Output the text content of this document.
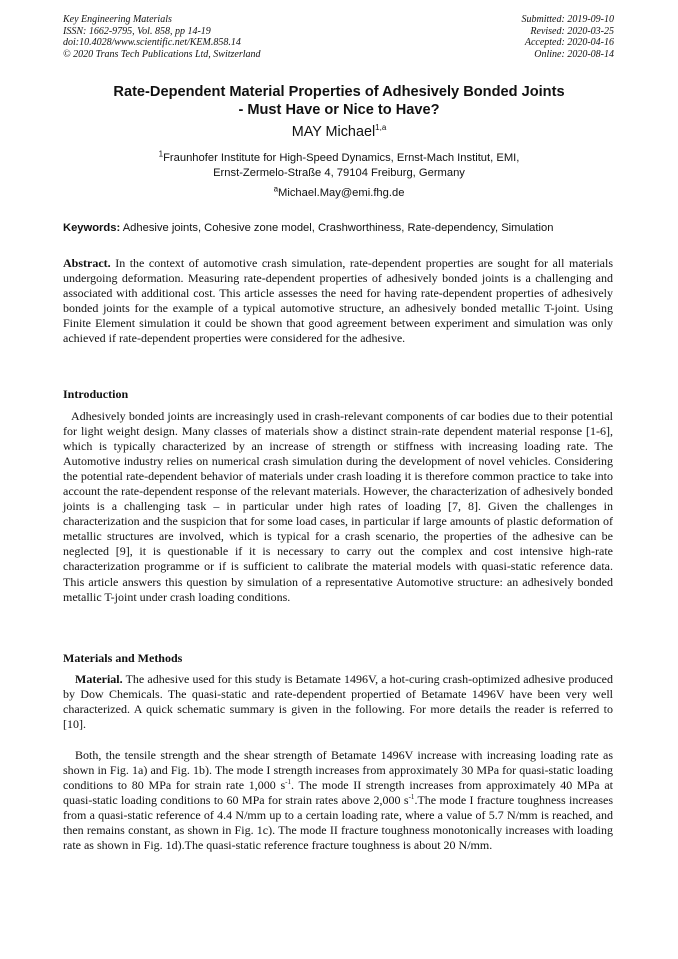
Key Engineering Materials
ISSN: 1662-9795, Vol. 858, pp 14-19
doi:10.4028/www.scientific.net/KEM.858.14
© 2020 Trans Tech Publications Ltd, Switzerland
Submitted: 2019-09-10
Revised: 2020-03-25
Accepted: 2020-04-16
Online: 2020-08-14
Rate-Dependent Material Properties of Adhesively Bonded Joints
- Must Have or Nice to Have?
MAY Michael$^{1,a}$
$^1$Fraunhofer Institute for High-Speed Dynamics, Ernst-Mach Institut, EMI,
Ernst-Zermelo-Straße 4, 79104 Freiburg, Germany
$^a$Michael.May@emi.fhg.de
Keywords: Adhesive joints, Cohesive zone model, Crashworthiness, Rate-dependency, Simulation

Abstract. In the context of automotive crash simulation, rate-dependent properties are sought for all materials undergoing deformation. Measuring rate-dependent properties of adhesively bonded joints is a challenging and associated with additional cost. This article assesses the need for having rate-dependent properties of adhesively bonded joints for the example of a typical automotive structure, an adhesively bonded metallic T-joint. Using Finite Element simulation it could be shown that good agreement between experiment and simulation was only achieved if rate-dependent properties were considered for the adhesive.

Introduction

Adhesively bonded joints are increasingly used in crash-relevant components of car bodies due to their potential for light weight design. Many classes of materials show a distinct strain-rate dependent material response [1-6], which is typically characterized by an increase of strength or stiffness with increasing loading rate. The Automotive industry relies on numerical crash simulation during the development of novel vehicles. Considering the potential rate-dependent behavior of materials under crash loading it is therefore common practice to take into account the rate-dependent response of the relevant materials. However, the characterization of adhesively bonded joints is a challenging task – in particular under high rates of loading [7, 8]. Given the challenges in characterization and the suspicion that for some load cases, in particular if large amounts of plastic deformation of metallic structures are involved, which is typical for a crash scenario, the properties of the adhesive can be neglected [9], it is questionable if it is necessary to carry out the complex and cost intensive high-rate characterization programme or if is sufficient to calibrate the material models with quasi-static reference data. This article answers this question by simulation of a representative Automotive structure: an adhesively bonded metallic T-joint under crash loading conditions.

Materials and Methods

Material. The adhesive used for this study is Betamate 1496V, a hot-curing crash-optimized adhesive produced by Dow Chemicals. The quasi-static and rate-dependent propertied of Betamate 1496V have been very well characterized. A quick schematic summary is given in the following. For more details the reader is referred to [10].

Both, the tensile strength and the shear strength of Betamate 1496V increase with increasing loading rate as shown in Fig. 1a) and Fig. 1b). The mode I strength increases from approximately 30 MPa for quasi-static loading conditions to 80 MPa for strain rate 1,000 $s^{-1}$. The mode II strength increases from approximately 40 MPa at quasi-static loading conditions to 60 MPa for strain rates above 2,000 $s^{-1}.The$ mode I fracture toughness increases from a quasi-static reference of 4.4 N/mm up to a certain loading rate, where a value of 5.7 N/mm is reached, and then remains constant, as shown in Fig. 1c). The mode II fracture toughness monotonically increases with loading rate as shown in Fig. 1d).The quasi-static reference fracture toughness is about 20 N/mm.
